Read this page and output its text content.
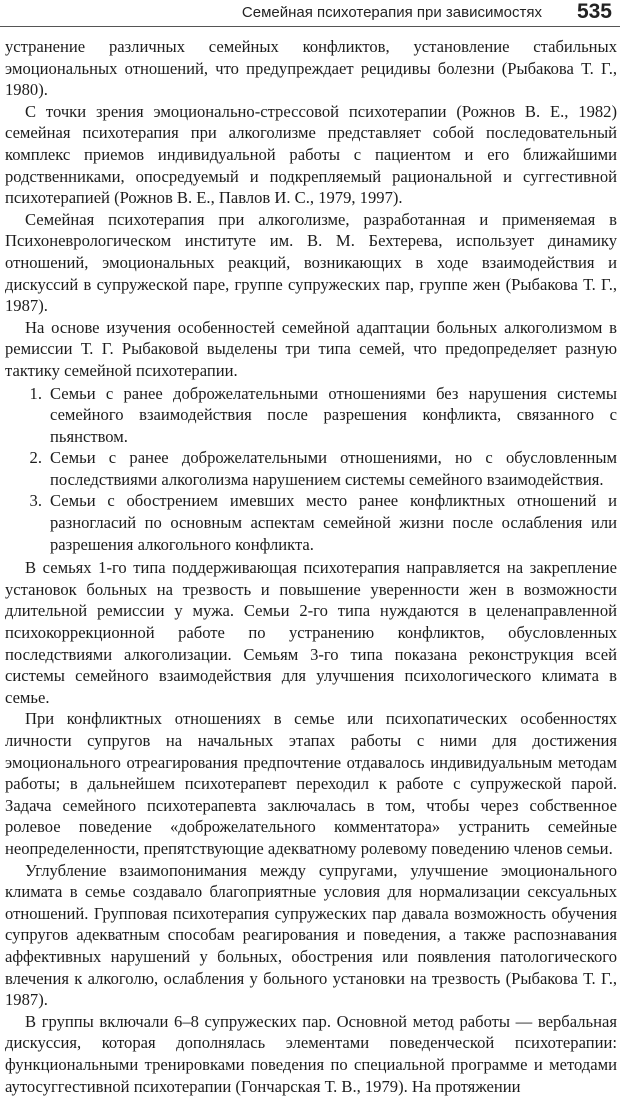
Семейная психотерапия при зависимостях 535

устранение различных семейных конфликтов, установление стабильных эмоциональных отношений, что предупреждает рецидивы болезни (Рыбакова Т. Г., 1980).

С точки зрения эмоционально-стрессовой психотерапии (Рожнов В. Е., 1982) семейная психотерапия при алкоголизме представляет собой последовательный комплекс приемов индивидуальной работы с пациентом и его ближайшими родственниками, опосредуемый и подкрепляемый рациональной и суггестивной психотерапией (Рожнов В. Е., Павлов И. С., 1979, 1997).

Семейная психотерапия при алкоголизме, разработанная и применяемая в Психоневрологическом институте им. В. М. Бехтерева, использует динамику отношений, эмоциональных реакций, возникающих в ходе взаимодействия и дискуссий в супружеской паре, группе супружеских пар, группе жен (Рыбакова Т. Г., 1987).

На основе изучения особенностей семейной адаптации больных алкоголизмом в ремиссии Т. Г. Рыбаковой выделены три типа семей, что предопределяет разную тактику семейной психотерапии.

1. Семьи с ранее доброжелательными отношениями без нарушения системы семейного взаимодействия после разрешения конфликта, связанного с пьянством.
2. Семьи с ранее доброжелательными отношениями, но с обусловленным последствиями алкоголизма нарушением системы семейного взаимодействия.
3. Семьи с обострением имевших место ранее конфликтных отношений и разногласий по основным аспектам семейной жизни после ослабления или разрешения алкогольного конфликта.

В семьях 1-го типа поддерживающая психотерапия направляется на закрепление установок больных на трезвость и повышение уверенности жен в возможности длительной ремиссии у мужа. Семьи 2-го типа нуждаются в целенаправленной психокоррекционной работе по устранению конфликтов, обусловленных последствиями алкоголизации. Семьям 3-го типа показана реконструкция всей системы семейного взаимодействия для улучшения психологического климата в семье.

При конфликтных отношениях в семье или психопатических особенностях личности супругов на начальных этапах работы с ними для достижения эмоционального отреагирования предпочтение отдавалось индивидуальным методам работы; в дальнейшем психотерапевт переходил к работе с супружеской парой. Задача семейного психотерапевта заключалась в том, чтобы через собственное ролевое поведение «доброжелательного комментатора» устранить семейные неопределенности, препятствующие адекватному ролевому поведению членов семьи.

Углубление взаимопонимания между супругами, улучшение эмоционального климата в семье создавало благоприятные условия для нормализации сексуальных отношений. Групповая психотерапия супружеских пар давала возможность обучения супругов адекватным способам реагирования и поведения, а также распознавания аффективных нарушений у больных, обострения или появления патологического влечения к алкоголю, ослабления у больного установки на трезвость (Рыбакова Т. Г., 1987).

В группы включали 6–8 супружеских пар. Основной метод работы — вербальная дискуссия, которая дополнялась элементами поведенческой психотерапии: функциональными тренировками поведения по специальной программе и методами аутосуггестивной психотерапии (Гончарская Т. В., 1979). На протяжении
